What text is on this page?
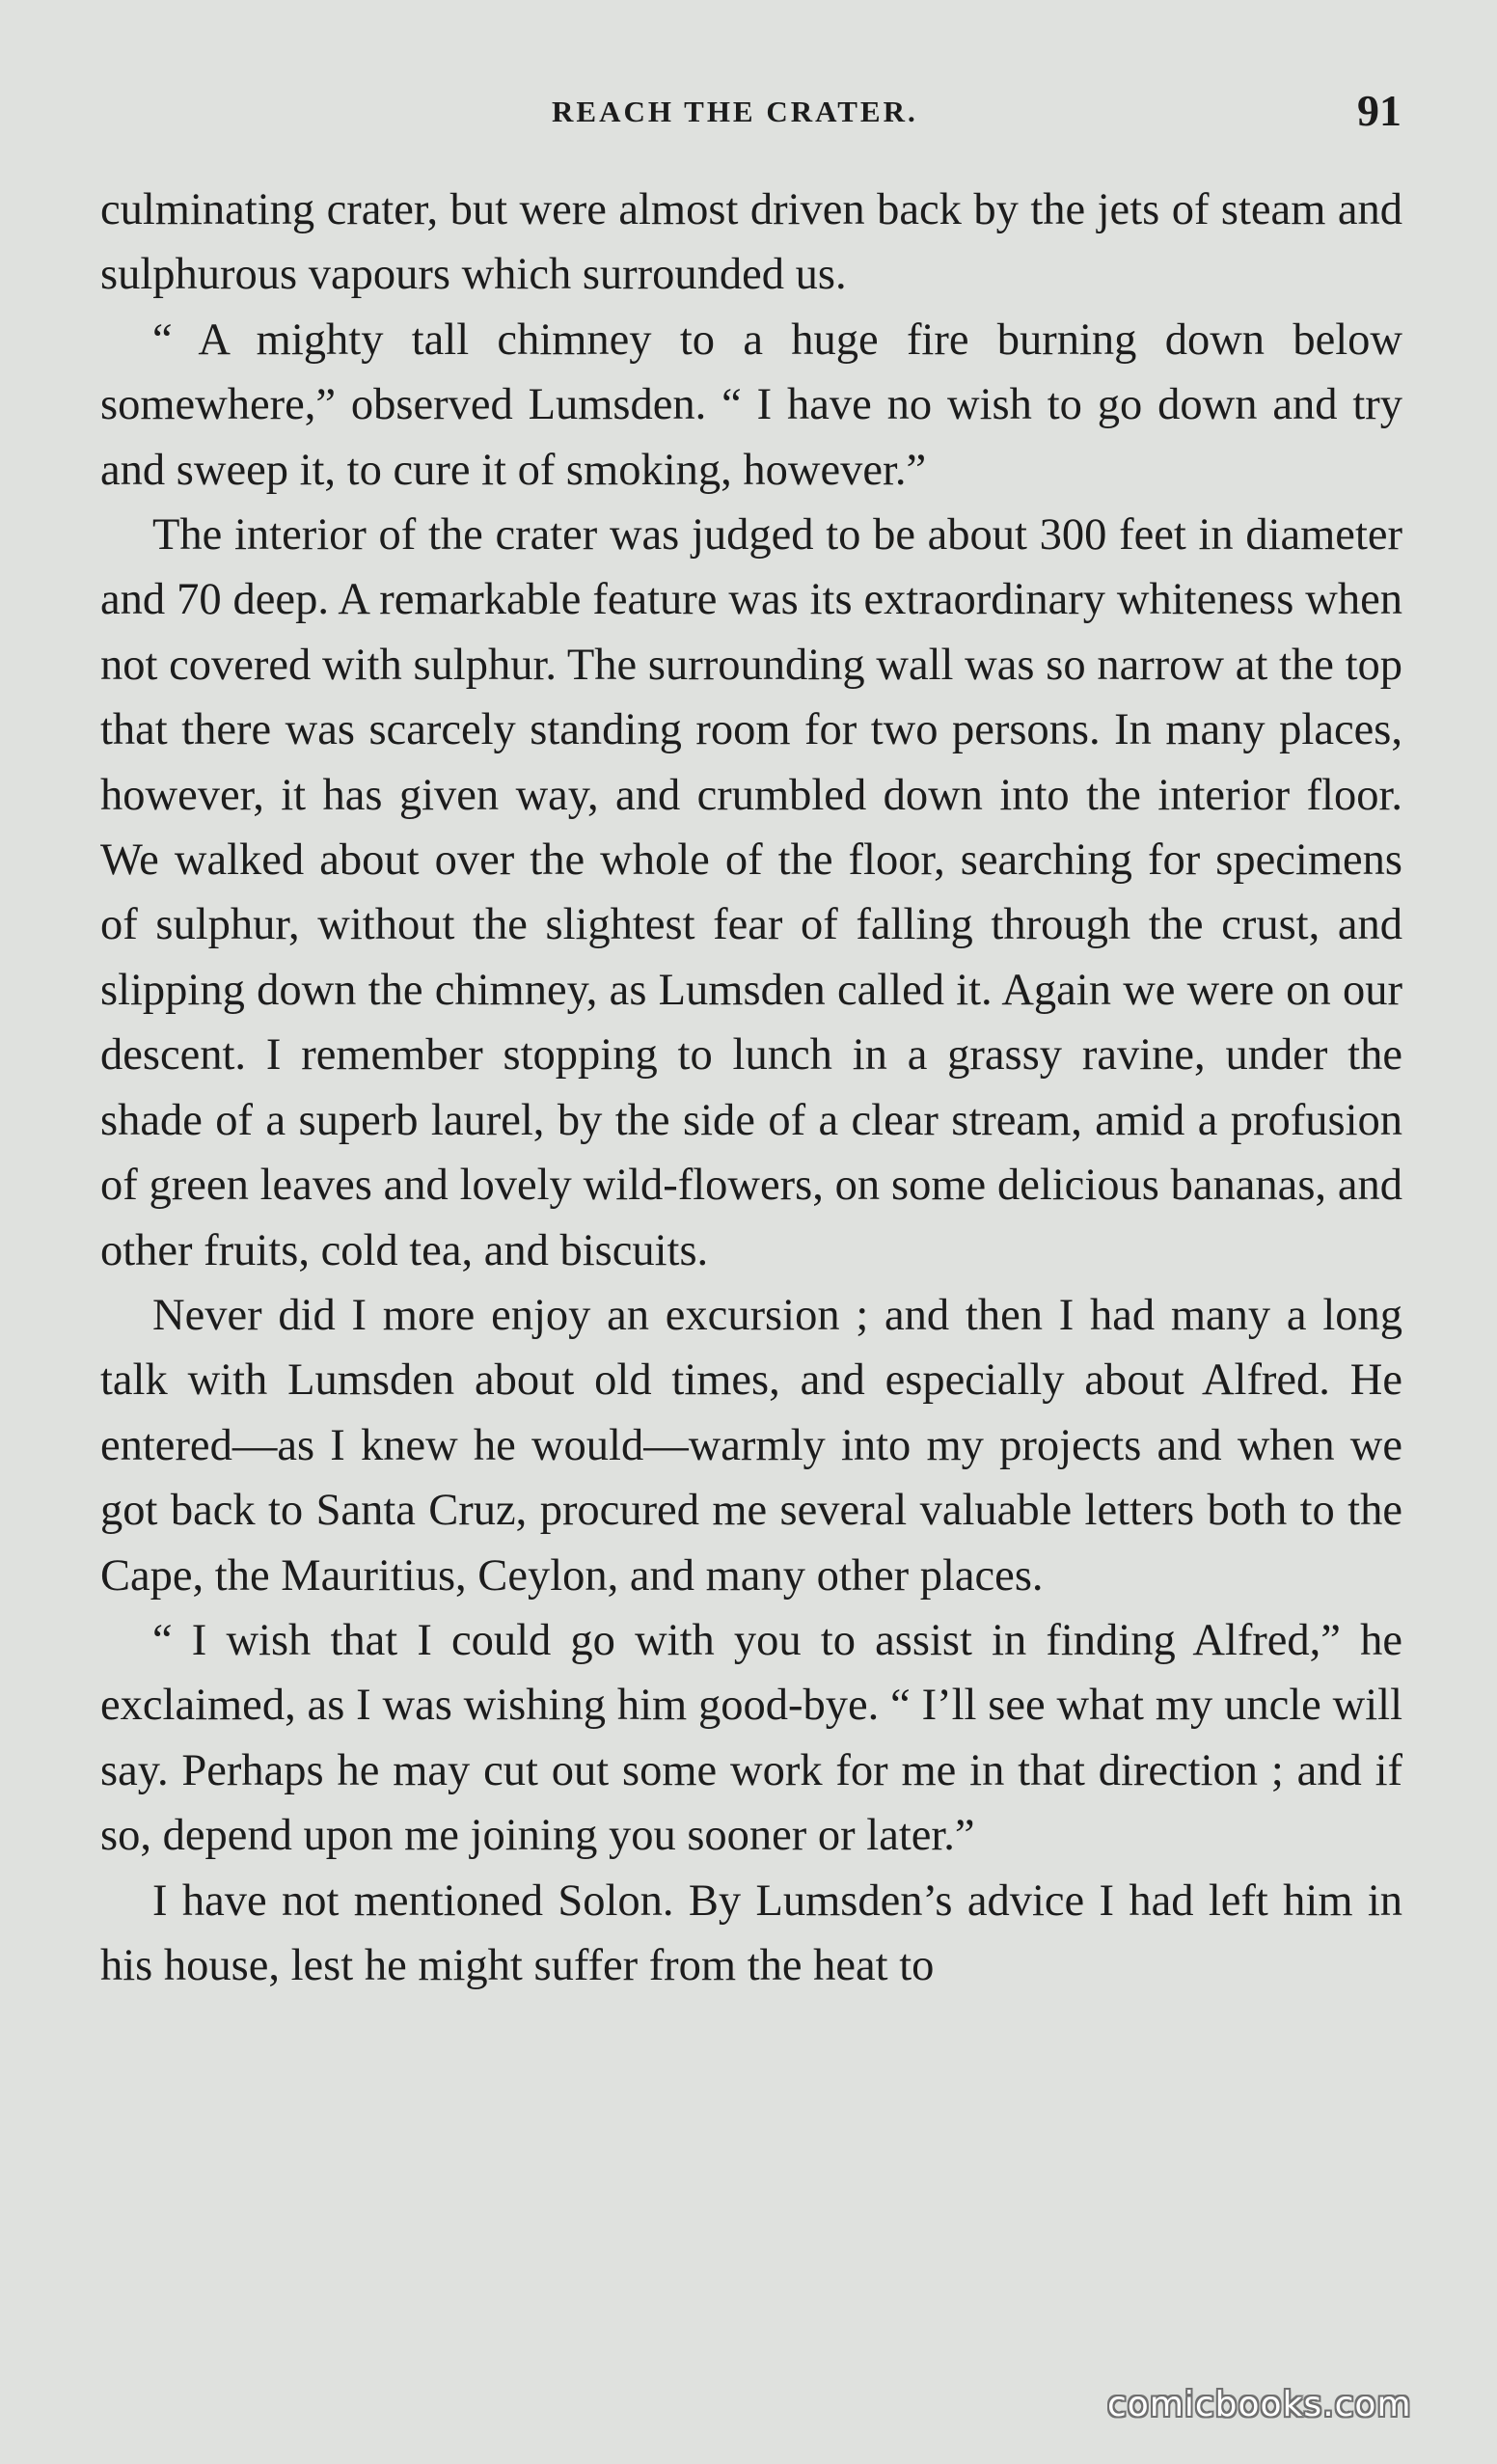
REACH THE CRATER.	91

culminating crater, but were almost driven back by the jets of steam and sulphurous vapours which surrounded us.

“ A mighty tall chimney to a huge fire burning down below somewhere,” observed Lumsden. “ I have no wish to go down and try and sweep it, to cure it of smoking, however.”

The interior of the crater was judged to be about 300 feet in diameter and 70 deep. A remarkable feature was its extraordinary whiteness when not covered with sulphur. The surrounding wall was so narrow at the top that there was scarcely standing room for two persons. In many places, however, it has given way, and crumbled down into the interior floor. We walked about over the whole of the floor, searching for specimens of sulphur, without the slightest fear of falling through the crust, and slipping down the chimney, as Lumsden called it. Again we were on our descent. I remember stopping to lunch in a grassy ravine, under the shade of a superb laurel, by the side of a clear stream, amid a profusion of green leaves and lovely wild-flowers, on some delicious bananas, and other fruits, cold tea, and biscuits.

Never did I more enjoy an excursion ; and then I had many a long talk with Lumsden about old times, and especially about Alfred. He entered—as I knew he would—warmly into my projects and when we got back to Santa Cruz, procured me several valuable letters both to the Cape, the Mauritius, Ceylon, and many other places.

“ I wish that I could go with you to assist in finding Alfred,” he exclaimed, as I was wishing him good-bye. “ I’ll see what my uncle will say. Perhaps he may cut out some work for me in that direction ; and if so, depend upon me joining you sooner or later.”

I have not mentioned Solon. By Lumsden’s advice I had left him in his house, lest he might suffer from the heat to

comicbooks.com
